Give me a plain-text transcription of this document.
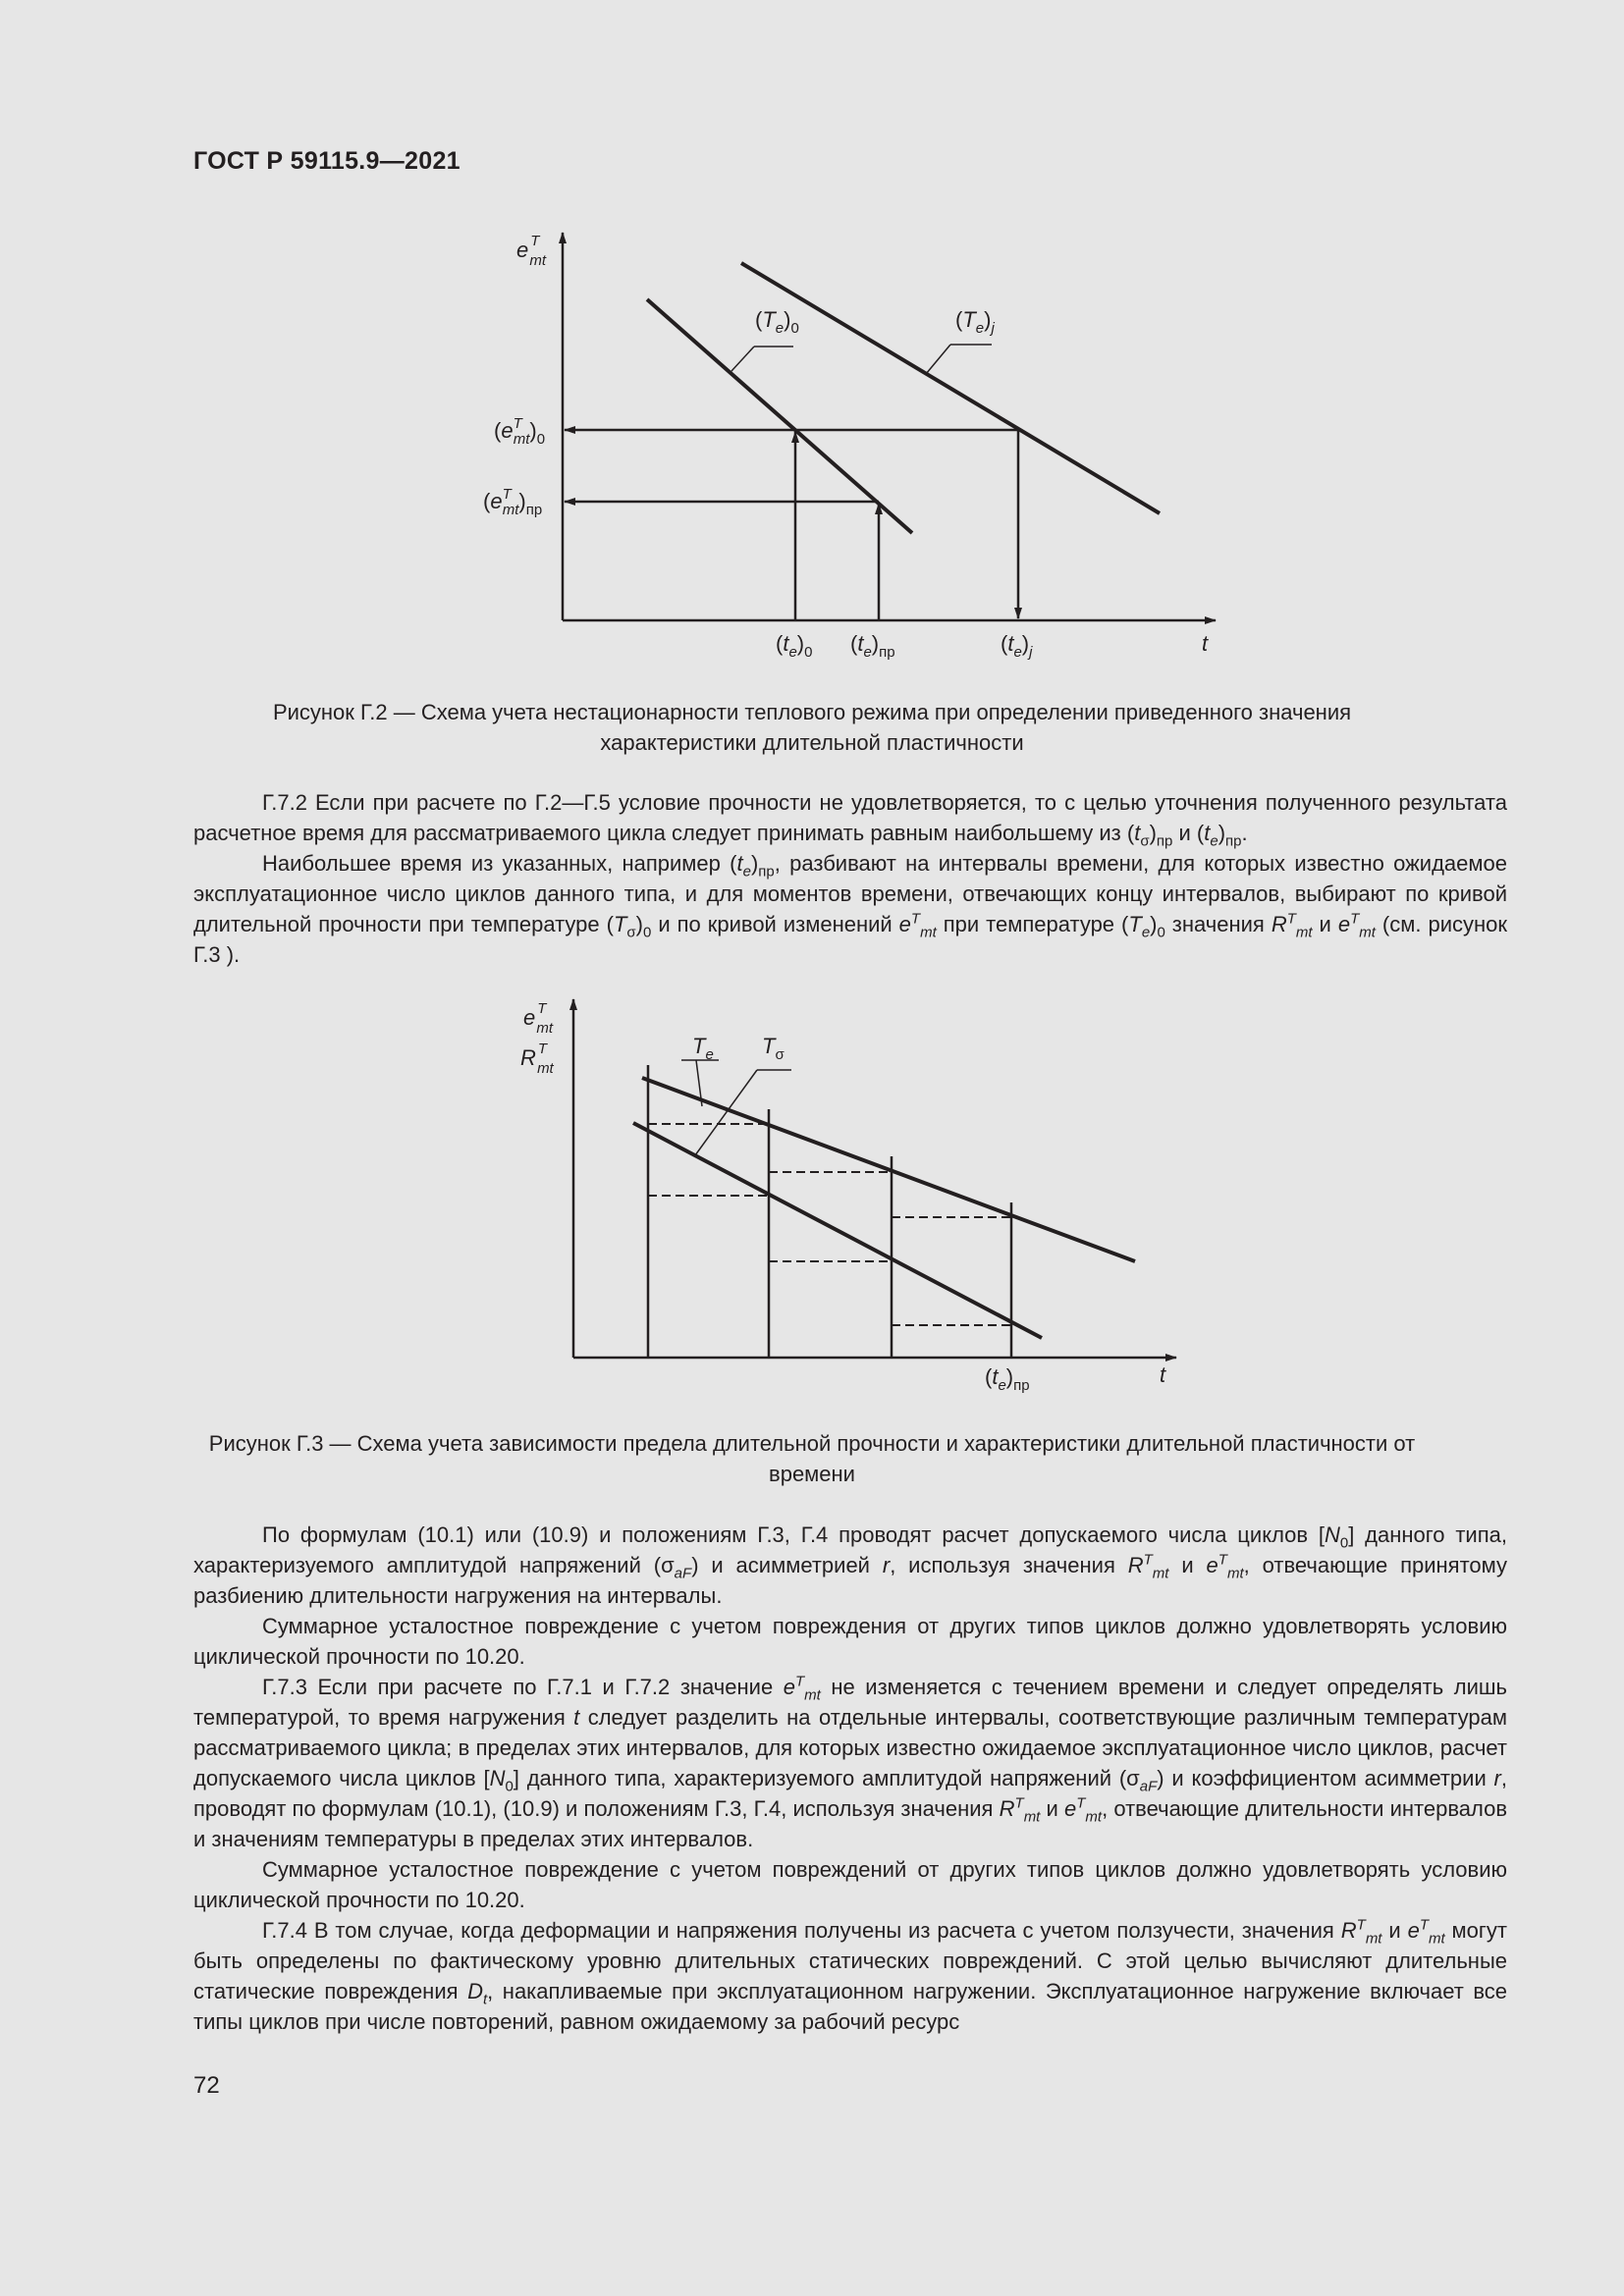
ГОСТ Р 59115.9—2021
e $^T$ mt
$(T_e)_0$	$(T_e)_j$
($e^T$ $mt)_0$
($e^T$ $mt)_{пр}$
$(t_e)_0$ $(t_e)_{пр}$	$(t_e)_j$	t
e $^T$ mt
R $^T$ mt
$T_e$ $T_\sigma$
$(t_e)_{пр}$	t
Рисунок Г.2 — Схема учета нестационарности теплового режима при определении приведенного значения характеристики длительной пластичности

Г.7.2 Если при расчете по Г.2—Г.5 условие прочности не удовлетворяется, то с целью уточнения полученного результата расчетное время для рассматриваемого цикла следует принимать равным наибольшему из $(t_\sigma)_{пр}$ и $(t_e)_{пр}$.

Наибольшее время из указанных, например $(t_e)_{пр}$, разбивают на интервалы времени, для которых известно ожидаемое эксплуатационное число циклов данного типа, и для моментов времени, отвечающих концу интервалов, выбирают по кривой длительной прочности при температуре $(T_\sigma)_0$ и по кривой изменений $e^T_{mt}$ при температуре $(T_e)_0$ значения $R^T_{mt}$ и $e^T_{mt}$ (см. рисунок Г.3 ).

Рисунок Г.3 — Схема учета зависимости предела длительной прочности и характеристики длительной пластичности от времени

По формулам (10.1) или (10.9) и положениям Г.3, Г.4 проводят расчет допускаемого числа циклов $[N_0]$ данного типа, характеризуемого амплитудой напряжений $(\sigma_{aF})$ и асимметрией r, используя значения $R^T_{mt}$ и $e^T_{mt}$, отвечающие принятому разбиению длительности нагружения на интервалы.

Суммарное усталостное повреждение с учетом повреждения от других типов циклов должно удовлетворять условию циклической прочности по 10.20.

Г.7.3 Если при расчете по Г.7.1 и Г.7.2 значение $e^T_{mt}$ не изменяется с течением времени и следует определять лишь температурой, то время нагружения t следует разделить на отдельные интервалы, соответствующие различным температурам рассматриваемого цикла; в пределах этих интервалов, для которых известно ожидаемое эксплуатационное число циклов, расчет допускаемого числа циклов $[N_0]$ данного типа, характеризуемого амплитудой напряжений $(\sigma_{aF})$ и коэффициентом асимметрии r, проводят по формулам (10.1), (10.9) и положениям Г.3, Г.4, используя значения $R^T_{mt}$ и $e^T_{mt}$, отвечающие длительности интервалов и значениям температуры в пределах этих интервалов.

Суммарное усталостное повреждение с учетом повреждений от других типов циклов должно удовлетворять условию циклической прочности по 10.20.

Г.7.4 В том случае, когда деформации и напряжения получены из расчета с учетом ползучести, значения $R^T_{mt}$ и $e^T_{mt}$ могут быть определены по фактическому уровню длительных статических повреждений. С этой целью вычисляют длительные статические повреждения $D_t$, накапливаемые при эксплуатационном нагружении. Эксплуатационное нагружение включает все типы циклов при числе повторений, равном ожидаемому за рабочий ресурс

72
